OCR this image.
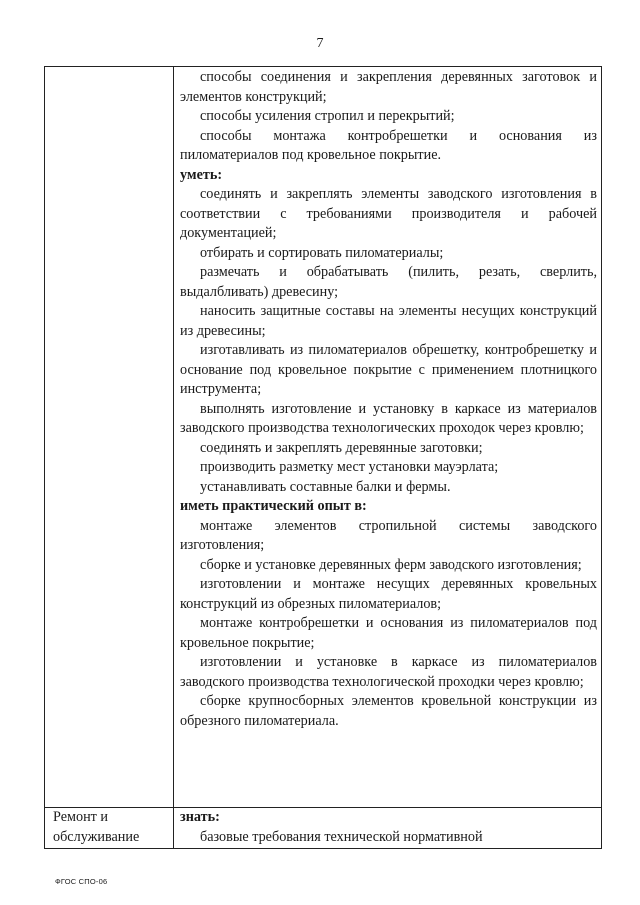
7

способы соединения и закрепления деревянных заготовок и элементов конструкций;

способы усиления стропил и перекрытий;

способы монтажа контробрешетки и основания из пиломатериалов под кровельное покрытие.

уметь:

соединять и закреплять элементы заводского изготовления в соответствии с требованиями производителя и рабочей документацией;

отбирать и сортировать пиломатериалы;

размечать и обрабатывать (пилить, резать, сверлить, выдалбливать) древесину;

наносить защитные составы на элементы несущих конструкций из древесины;

изготавливать из пиломатериалов обрешетку, контробрешетку и основание под кровельное покрытие с применением плотницкого инструмента;

выполнять изготовление и установку в каркасе из материалов заводского производства технологических проходок через кровлю;

соединять и закреплять деревянные заготовки;

производить разметку мест установки мауэрлата;

устанавливать составные балки и фермы.

иметь практический опыт в:

монтаже элементов стропильной системы заводского изготовления;

сборке и установке деревянных ферм заводского изготовления;

изготовлении и монтаже несущих деревянных кровельных конструкций из обрезных пиломатериалов;

монтаже контробрешетки и основания из пиломатериалов под кровельное покрытие;

изготовлении и установке в каркасе из пиломатериалов заводского производства технологической проходки через кровлю;

сборке крупносборных элементов кровельной конструкции из обрезного пиломатериала.

Ремонт и обслуживание

знать:

базовые требования технической нормативной

ФГОС СПО-06
